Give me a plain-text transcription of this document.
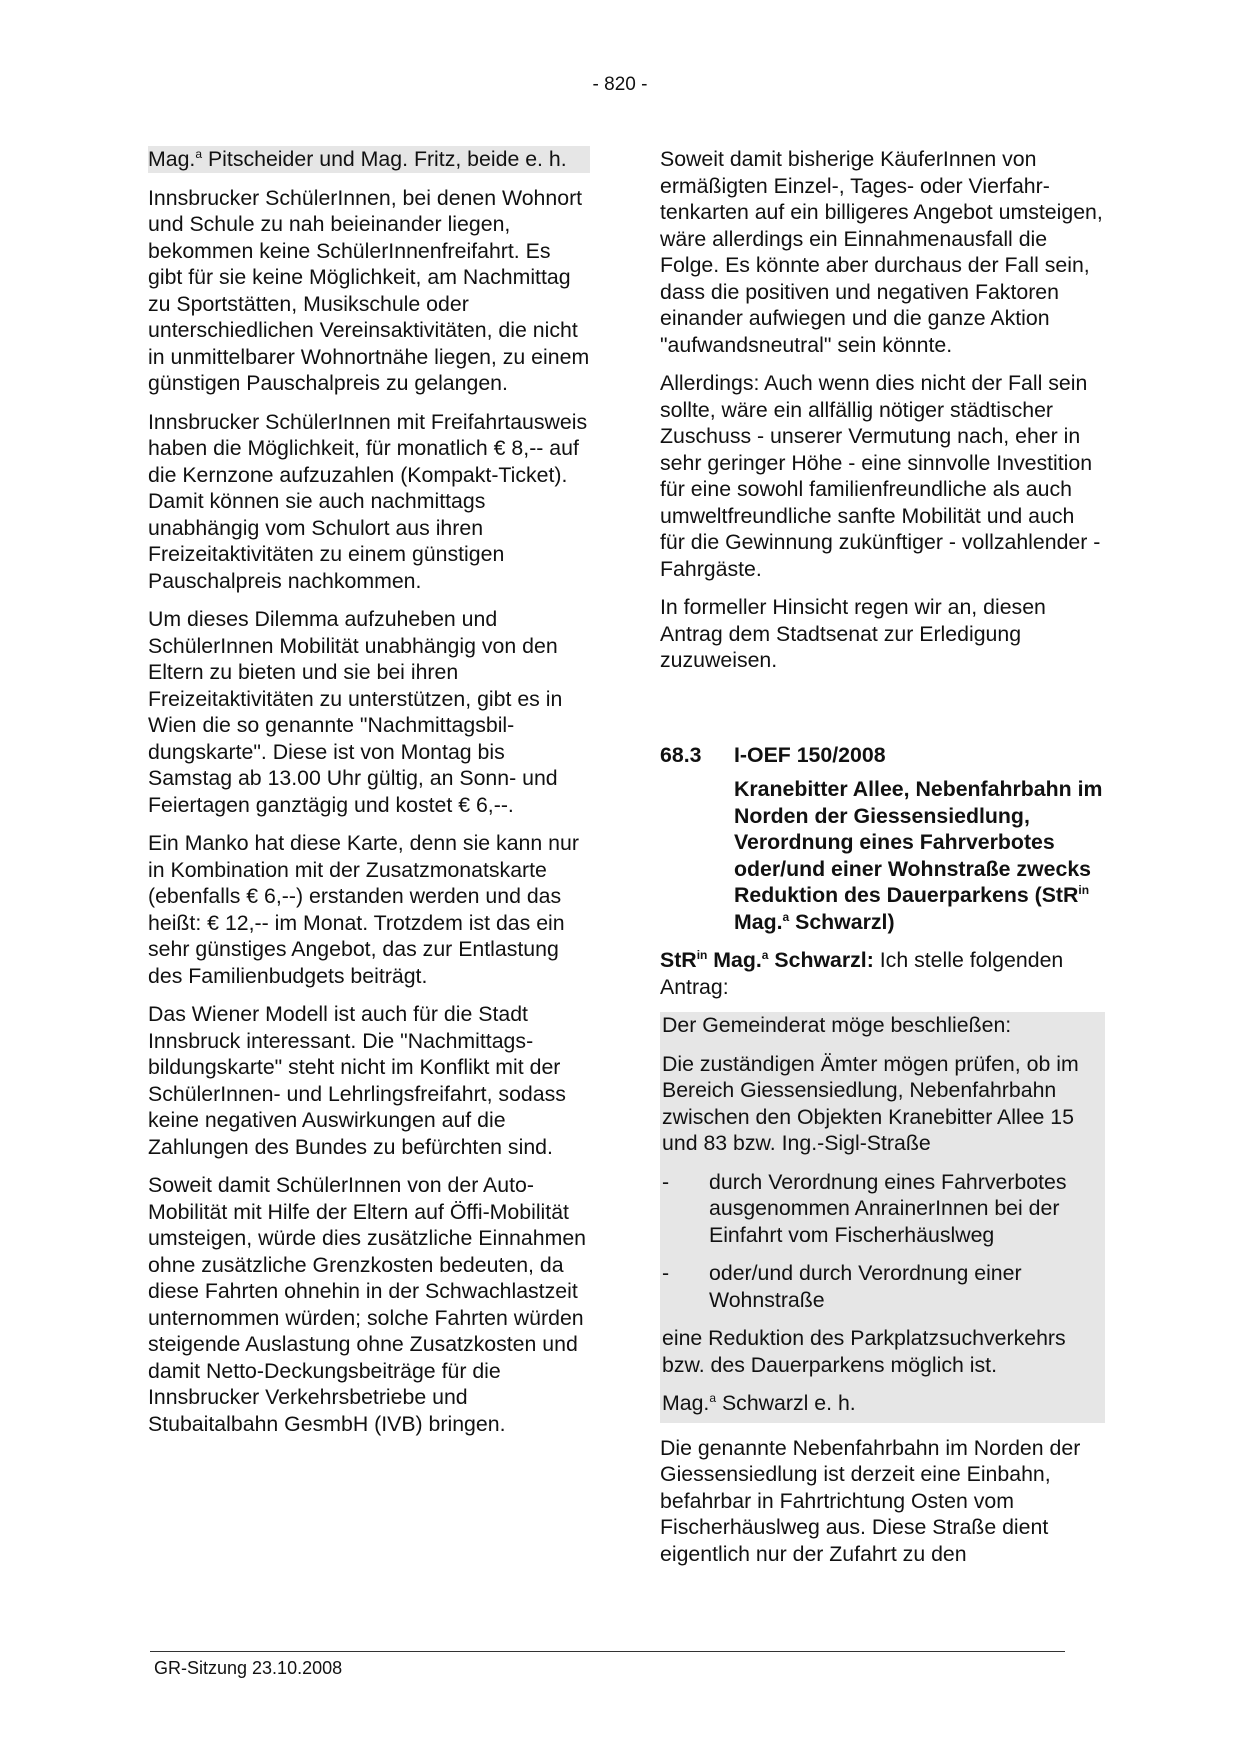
- 820 -

Mag.$^a$ Pitscheider und Mag. Fritz, beide e. h.

Innsbrucker SchülerInnen, bei denen Wohnort und Schule zu nah beieinander liegen, bekommen keine SchülerInnenfreifahrt. Es gibt für sie keine Möglichkeit, am Nachmittag zu Sportstätten, Musikschule oder unterschiedlichen Vereinsaktivitäten, die nicht in unmittelbarer Wohnortnähe liegen, zu einem günstigen Pauschalpreis zu gelangen.

Innsbrucker SchülerInnen mit Freifahrtausweis haben die Möglichkeit, für monatlich € 8,-- auf die Kernzone aufzuzahlen (Kompakt-Ticket). Damit können sie auch nachmittags unabhängig vom Schulort aus ihren Freizeitaktivitäten zu einem günstigen Pauschalpreis nachkommen.

Um dieses Dilemma aufzuheben und SchülerInnen Mobilität unabhängig von den Eltern zu bieten und sie bei ihren Freizeitaktivitäten zu unterstützen, gibt es in Wien die so genannte "Nachmittagsbildungskarte". Diese ist von Montag bis Samstag ab 13.00 Uhr gültig, an Sonn- und Feiertagen ganztägig und kostet € 6,--.

Ein Manko hat diese Karte, denn sie kann nur in Kombination mit der Zusatzmonatskarte (ebenfalls € 6,--) erstanden werden und das heißt: € 12,-- im Monat. Trotzdem ist das ein sehr günstiges Angebot, das zur Entlastung des Familienbudgets beiträgt.

Das Wiener Modell ist auch für die Stadt Innsbruck interessant. Die "Nachmittagsbildungskarte" steht nicht im Konflikt mit der SchülerInnen- und Lehrlingsfreifahrt, sodass keine negativen Auswirkungen auf die Zahlungen des Bundes zu befürchten sind.

Soweit damit SchülerInnen von der Auto-Mobilität mit Hilfe der Eltern auf Öffi-Mobilität umsteigen, würde dies zusätzliche Einnahmen ohne zusätzliche Grenzkosten bedeuten, da diese Fahrten ohnehin in der Schwachlastzeit unternommen würden; solche Fahrten würden steigende Auslastung ohne Zusatzkosten und damit Netto-Deckungsbeiträge für die Innsbrucker Verkehrsbetriebe und Stubaitalbahn GesmbH (IVB) bringen.

Soweit damit bisherige KäuferInnen von ermäßigten Einzel-, Tages- oder Vierfahrtenkarten auf ein billigeres Angebot umsteigen, wäre allerdings ein Einnahmenausfall die Folge. Es könnte aber durchaus der Fall sein, dass die positiven und negativen Faktoren einander aufwiegen und die ganze Aktion "aufwandsneutral" sein könnte.

Allerdings: Auch wenn dies nicht der Fall sein sollte, wäre ein allfällig nötiger städtischer Zuschuss - unserer Vermutung nach, eher in sehr geringer Höhe - eine sinnvolle Investition für eine sowohl familienfreundliche als auch umweltfreundliche sanfte Mobilität und auch für die Gewinnung zukünftiger - vollzahlender - Fahrgäste.

In formeller Hinsicht regen wir an, diesen Antrag dem Stadtsenat zur Erledigung zuzuweisen.

68.3	I-OEF 150/2008

Kranebitter Allee, Nebenfahrbahn im Norden der Giessensiedlung, Verordnung eines Fahrverbotes oder/und einer Wohnstraße zwecks Reduktion des Dauerparkens (StR$^{in}$ Mag.$^a$ Schwarzl)

StR$^{in}$ Mag.$^a$ Schwarzl: Ich stelle folgenden Antrag:

Der Gemeinderat möge beschließen:

Die zuständigen Ämter mögen prüfen, ob im Bereich Giessensiedlung, Nebenfahrbahn zwischen den Objekten Kranebitter Allee 15 und 83 bzw. Ing.-Sigl-Straße

-	durch Verordnung eines Fahrverbotes ausgenommen AnrainerInnen bei der Einfahrt vom Fischerhäuslweg
-	oder/und durch Verordnung einer Wohnstraße

eine Reduktion des Parkplatzsuchverkehrs bzw. des Dauerparkens möglich ist.

Mag.$^a$ Schwarzl e. h.

Die genannte Nebenfahrbahn im Norden der Giessensiedlung ist derzeit eine Einbahn, befahrbar in Fahrtrichtung Osten vom Fischerhäuslweg aus. Diese Straße dient eigentlich nur der Zufahrt zu den

GR-Sitzung 23.10.2008
